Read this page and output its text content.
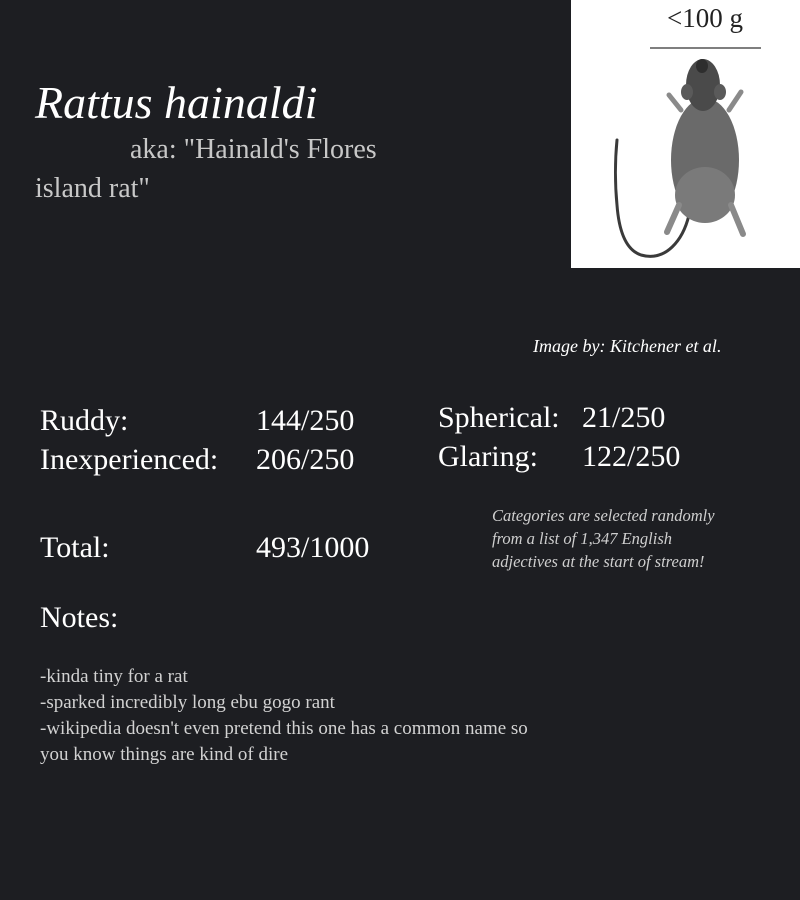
Rattus hainaldi
aka: "Hainald's Flores island rat"
<100 g
Image by: Kitchener et al.
Ruddy:	144/250
Inexperienced: 206/250
Spherical: 21/250
Glaring: 122/250
Total:	493/1000
Categories are selected randomly from a list of 1,347 English adjectives at the start of stream!
Notes:
-kinda tiny for a rat
-sparked incredibly long ebu gogo rant
-wikipedia doesn't even pretend this one has a common name so you know things are kind of dire
